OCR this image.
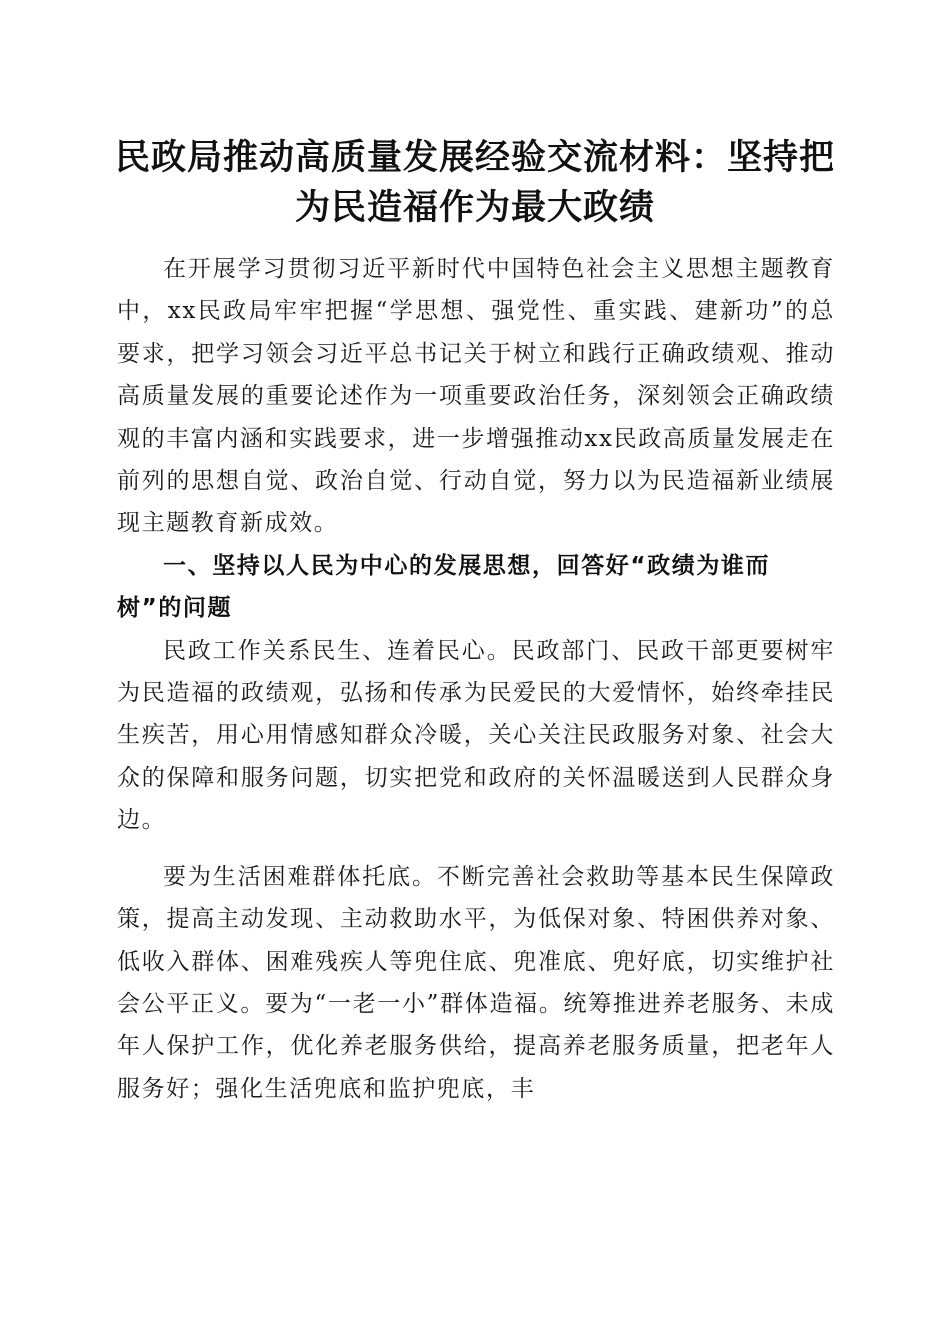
民政局推动高质量发展经验交流材料：坚持把
为民造福作为最大政绩

在开展学习贯彻习近平新时代中国特色社会主义思想主题教育中，xx民政局牢牢把握“学思想、强党性、重实践、建新功”的总要求，把学习领会习近平总书记关于树立和践行正确政绩观、推动高质量发展的重要论述作为一项重要政治任务，深刻领会正确政绩观的丰富内涵和实践要求，进一步增强推动xx民政高质量发展走在前列的思想自觉、政治自觉、行动自觉，努力以为民造福新业绩展现主题教育新成效。

一、坚持以人民为中心的发展思想，回答好“政绩为谁而树”的问题

民政工作关系民生、连着民心。民政部门、民政干部更要树牢为民造福的政绩观，弘扬和传承为民爱民的大爱情怀，始终牵挂民生疾苦，用心用情感知群众冷暖，关心关注民政服务对象、社会大众的保障和服务问题，切实把党和政府的关怀温暖送到人民群众身边。

要为生活困难群体托底。不断完善社会救助等基本民生保障政策，提高主动发现、主动救助水平，为低保对象、特困供养对象、低收入群体、困难残疾人等兜住底、兜准底、兜好底，切实维护社会公平正义。要为“一老一小”群体造福。统筹推进养老服务、未成年人保护工作，优化养老服务供给，提高养老服务质量，把老年人服务好；强化生活兜底和监护兜底，丰
